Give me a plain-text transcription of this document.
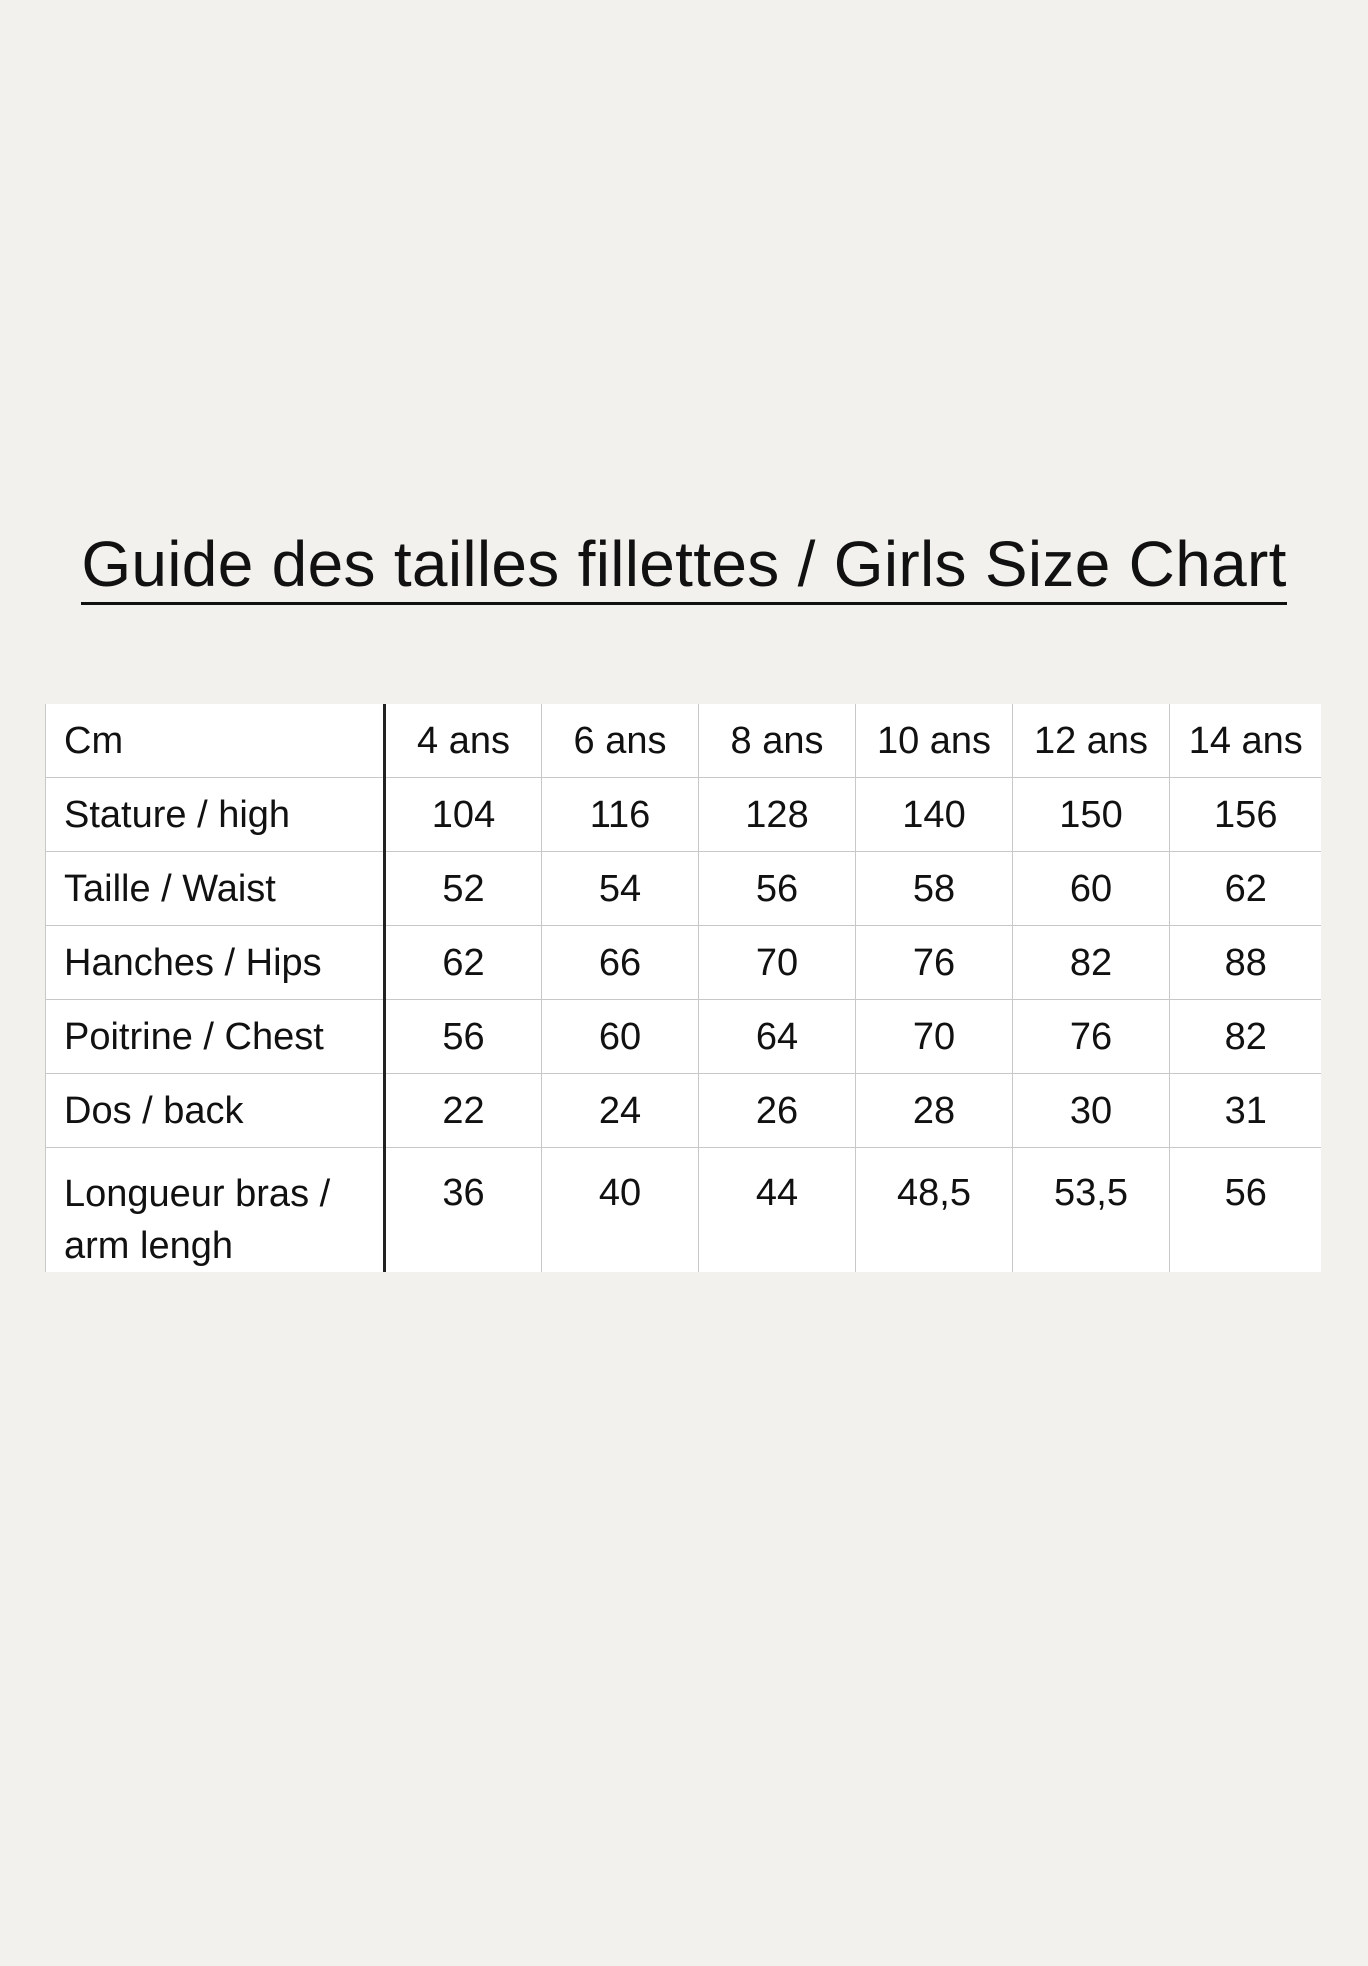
Guide des tailles fillettes / Girls Size Chart
Cm	4 ans	6 ans	8 ans	10 ans	12 ans	14 ans
Stature / high	104	116	128	140	150	156
Taille / Waist	52	54	56	58	60	62
Hanches / Hips	62	66	70	76	82	88
Poitrine / Chest	56	60	64	70	76	82
Dos / back	22	24	26	28	30	31
Longueur bras / arm lengh	36	40	44	48,5	53,5	56
